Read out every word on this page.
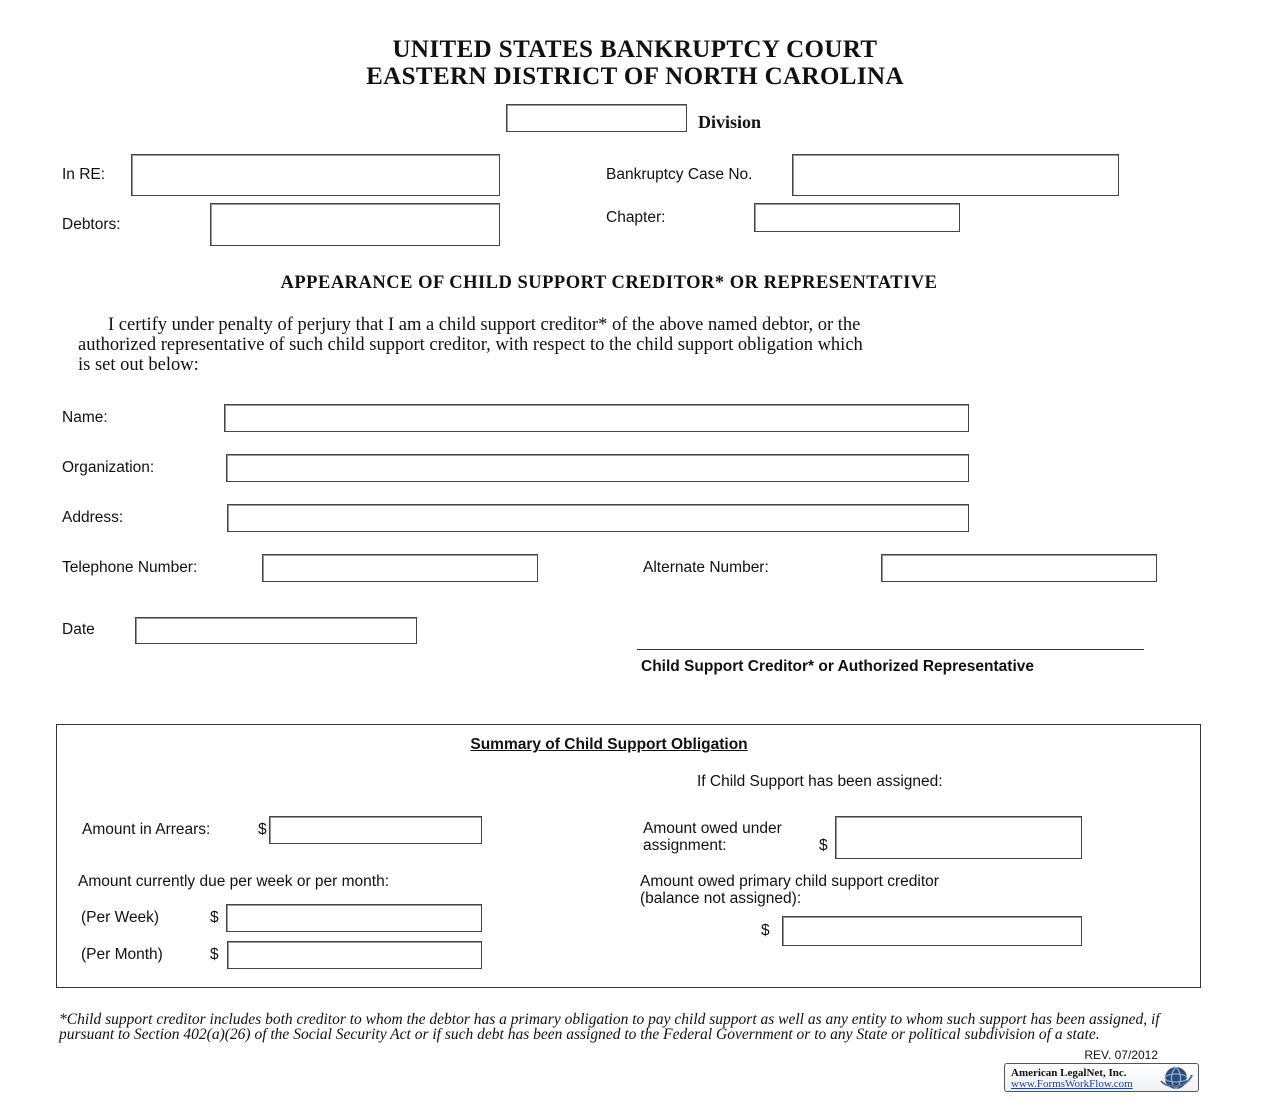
UNITED STATES BANKRUPTCY COURT
EASTERN DISTRICT OF NORTH CAROLINA
Division
In RE:
Debtors:
Bankruptcy Case No.
Chapter:
APPEARANCE OF CHILD SUPPORT CREDITOR* OR REPRESENTATIVE
I certify under penalty of perjury that I am a child support creditor* of the above named debtor, or the
authorized representative of such child support creditor, with respect to the child support obligation which
is set out below:
Name:
Organization:
Address:
Telephone Number:	Alternate Number:
Date
Child Support Creditor* or Authorized Representative
Summary of Child Support Obligation
If Child Support has been assigned:
Amount in Arrears:	$
Amount currently due per week or per month:
(Per Week)	$
(Per Month)	$
Amount owed under
assignment:	$
Amount owed primary child support creditor
(balance not assigned):
$
*Child support creditor includes both creditor to whom the debtor has a primary obligation to pay child support as well as any entity to whom such support has been assigned, if pursuant to Section 402(a)(26) of the Social Security Act or if such debt has been assigned to the Federal Government or to any State or political subdivision of a state.
REV. 07/2012
American LegalNet, Inc.
www.FormsWorkFlow.com
